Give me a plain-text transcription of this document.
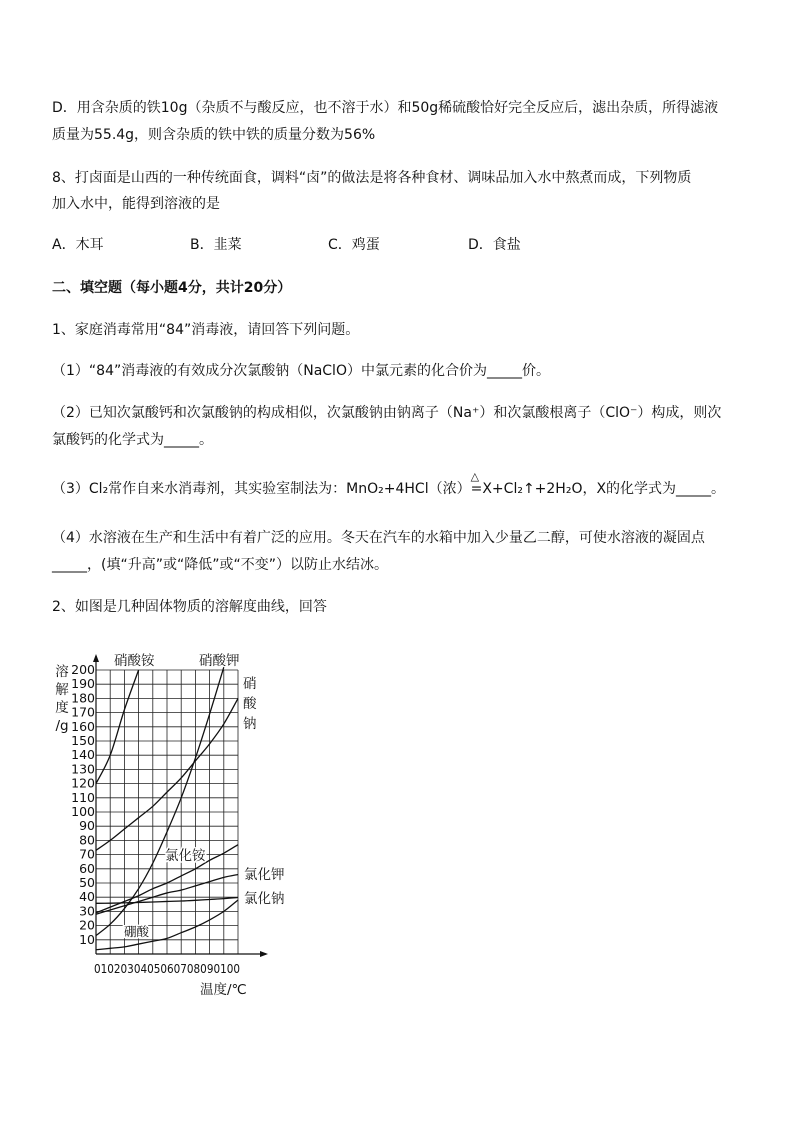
D．用含杂质的铁10g（杂质不与酸反应，也不溶于水）和50g稀硫酸恰好完全反应后，滤出杂质，所得滤液
质量为55.4g，则含杂质的铁中铁的质量分数为56%
8、打卤面是山西的一种传统面食，调料“卤”的做法是将各种食材、调味品加入水中熬煮而成，下列物质
加入水中，能得到溶液的是
A．木耳	B．韭菜	C．鸡蛋	D．食盐
二、填空题（每小题4分，共计20分）
1、家庭消毒常用“84”消毒液，请回答下列问题。
（1）“84”消毒液的有效成分次氯酸钠（NaClO）中氯元素的化合价为_____价。
（2）已知次氯酸钙和次氯酸钠的构成相似，次氯酸钠由钠离子（Na⁺）和次氯酸根离子（ClO⁻）构成，则次
氯酸钙的化学式为_____。
（3）Cl₂常作自来水消毒剂，其实验室制法为：MnO₂+4HCl（浓）
△
=X+Cl₂↑+2H₂O，X的化学式为_____。
（4）水溶液在生产和生活中有着广泛的应用。冬天在汽车的水箱中加入少量乙二醇，可使水溶液的凝固点
_____，(填“升高”或“降低”或“不变”）以防止水结冰。
2、如图是几种固体物质的溶解度曲线，回答
10
20
30
40
50
60
70
80
90
100
110
120
130
140
150
160
170
180
190
200
0102030405060708090100
溶
解
度
/g
温度/℃
硝酸铵	硝酸钾
硝
酸
钠
氯化铵
氯化钾
氯化钠
硼酸
